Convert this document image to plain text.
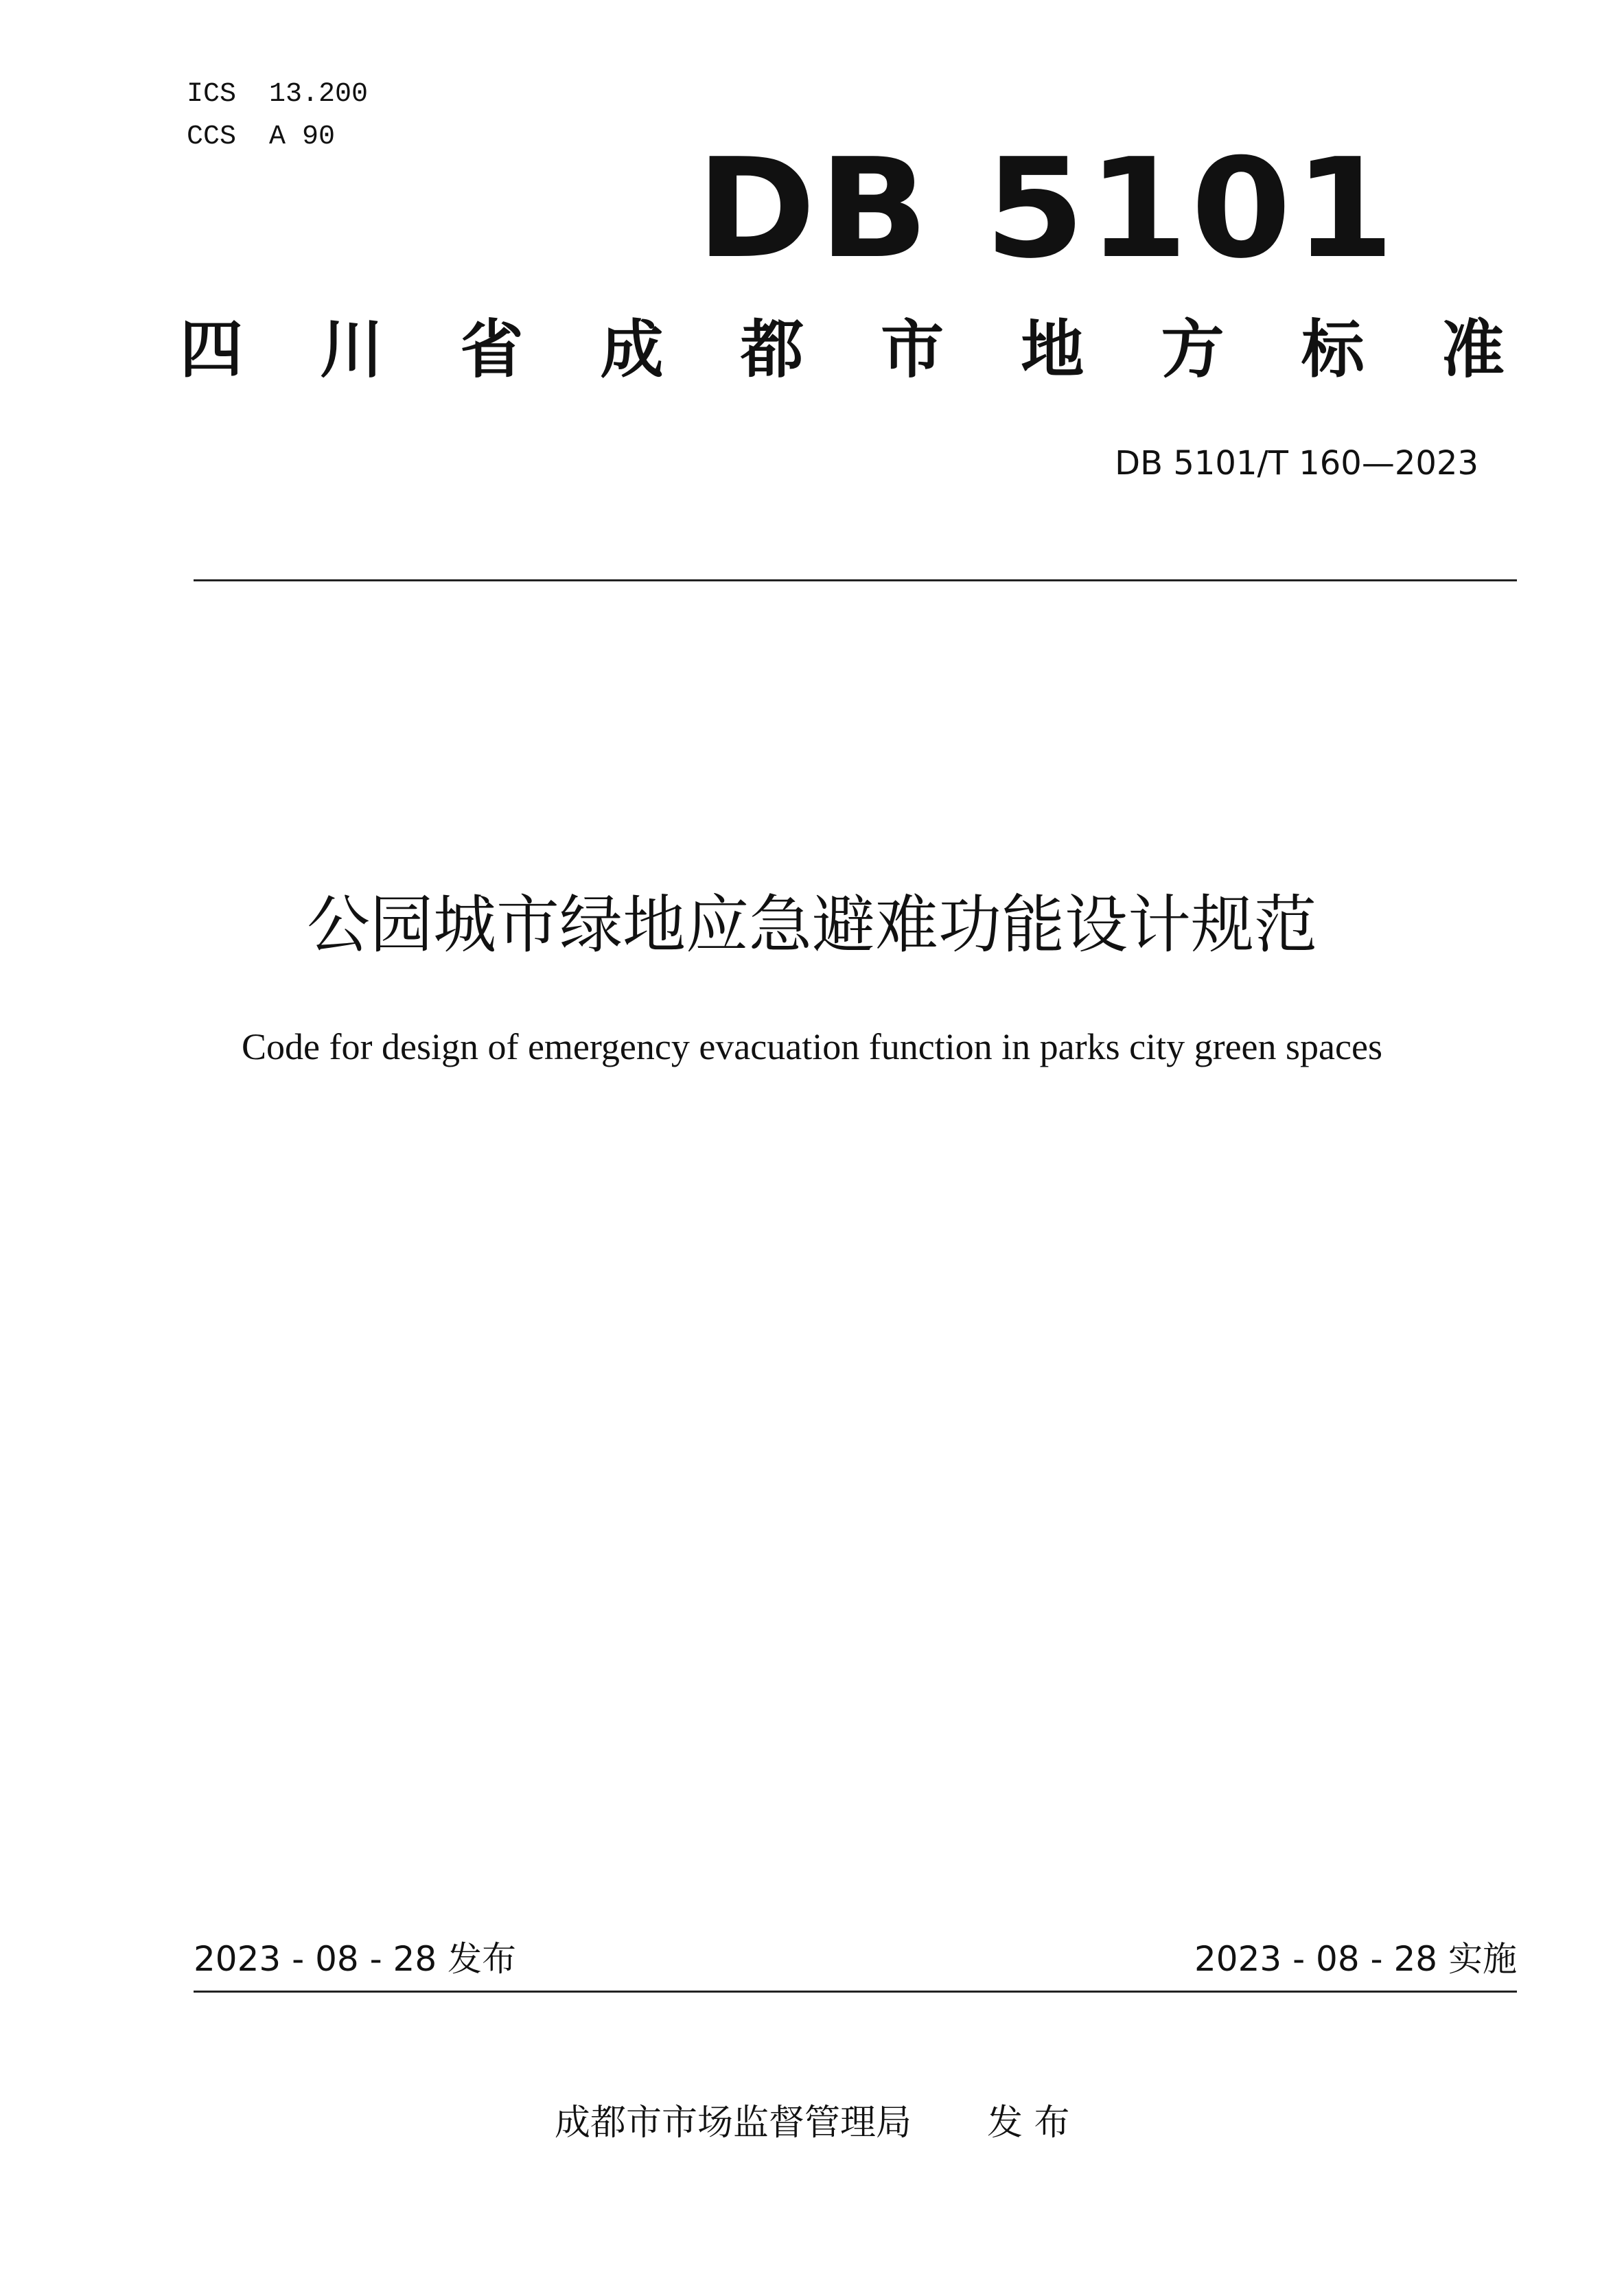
ICS  13.200
CCS  A 90	DB 5101
四 川 省 成 都 市 地 方 标 准
DB 5101/T 160—2023
公园城市绿地应急避难功能设计规范
Code for design of emergency evacuation function in parks city green spaces
2023 - 08 - 28 发布	2023 - 08 - 28 实施
成都市市场监督管理局 发 布
